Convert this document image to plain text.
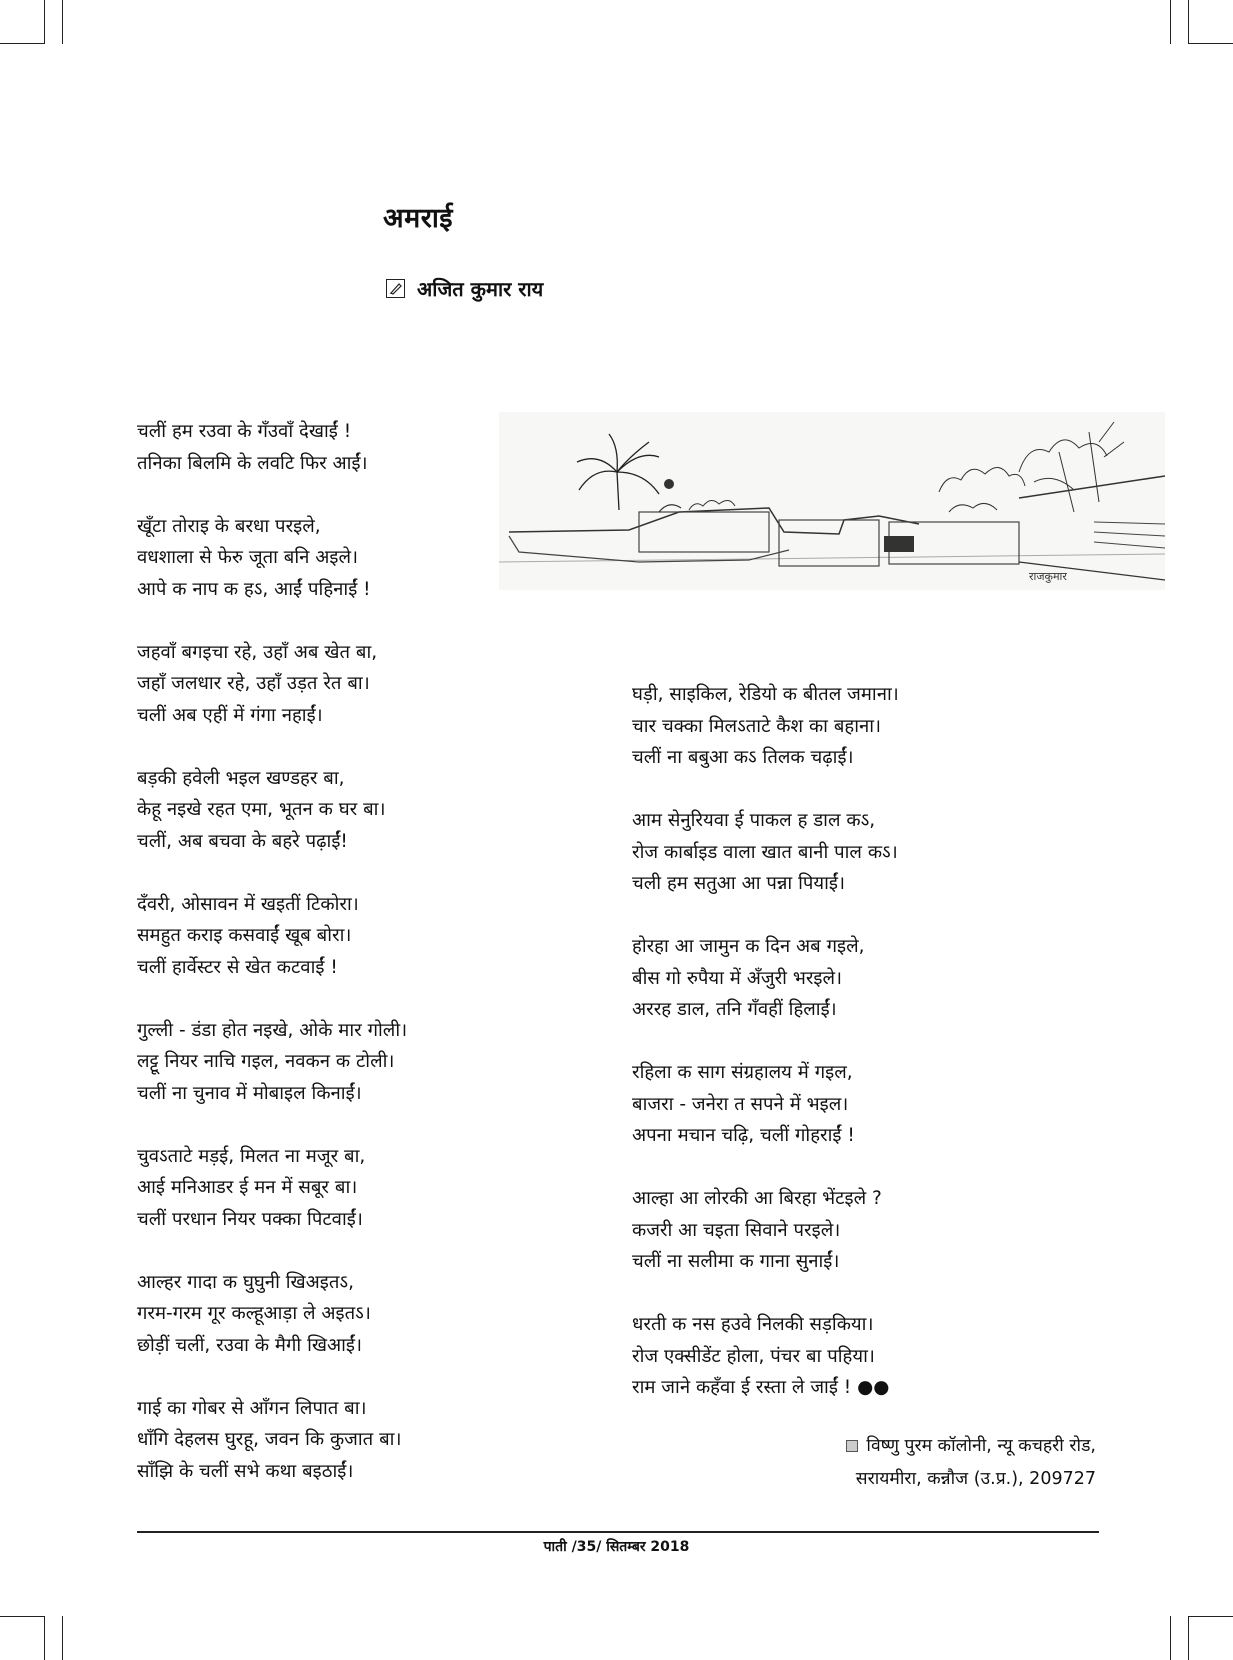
अमराई
अजित कुमार राय
चलीं हम रउवा के गँउवाँ देखाईं !
तनिका बिलमि के लवटि फिर आईं।
खूँटा तोराइ के बरधा परइले,
वधशाला से फेरु जूता बनि अइले।
आपे क नाप क हऽ, आईं पहिनाईं !
जहवाँ बगइचा रहे, उहाँ अब खेत बा,
जहाँ जलधार रहे, उहाँ उड़त रेत बा।
चलीं अब एहीं में गंगा नहाईं।
बड़की हवेली भइल खण्डहर बा,
केहू नइखे रहत एमा, भूतन क घर बा।
चलीं, अब बचवा के बहरे पढ़ाईं!
दँवरी, ओसावन में खइतीं टिकोरा।
समहुत कराइ कसवाईं खूब बोरा।
चलीं हार्वेस्टर से खेत कटवाईं !
गुल्ली - डंडा होत नइखे, ओके मार गोली।
लट्टू नियर नाचि गइल, नवकन क टोली।
चलीं ना चुनाव में मोबाइल किनाईं।
चुवऽताटे मड़ई, मिलत ना मजूर बा,
आई मनिआडर ई मन में सबूर बा।
चलीं परधान नियर पक्का पिटवाईं।
आल्हर गादा क घुघुनी खिअइतऽ,
गरम-गरम गूर कल्हूआड़ा ले अइतऽ।
छोड़ीं चलीं, रउवा के मैगी खिआईं।
गाई का गोबर से आँगन लिपात बा।
धाँगि देहलस घुरहू, जवन कि कुजात बा।
साँझि के चलीं सभे कथा बइठाईं।
घड़ी, साइकिल, रेडियो क बीतल जमाना।
चार चक्का मिलऽताटे कैश का बहाना।
चलीं ना बबुआ कऽ तिलक चढ़ाईं।
आम सेनुरियवा ई पाकल ह डाल कऽ,
रोज कार्बाइड वाला खात बानी पाल कऽ।
चली हम सतुआ आ पन्ना पियाईं।
होरहा आ जामुन क दिन अब गइले,
बीस गो रुपैया में अँजुरी भरइले।
अररह डाल, तनि गँवहीं हिलाईं।
रहिला क साग संग्रहालय में गइल,
बाजरा - जनेरा त सपने में भइल।
अपना मचान चढ़ि, चलीं गोहराईं !
आल्हा आ लोरकी आ बिरहा भेंटइले ?
कजरी आ चइता सिवाने परइले।
चलीं ना सलीमा क गाना सुनाईं।
धरती क नस हउवे निलकी सड़किया।
रोज एक्सीडेंट होला, पंचर बा पहिया।
राम जाने कहँवा ई रस्ता ले जाईं ! ●●
राजकुमार
विष्णु पुरम कॉलोनी, न्यू कचहरी रोड,
सरायमीरा, कन्नौज (उ.प्र.), 209727
पाती /35/ सितम्बर 2018
